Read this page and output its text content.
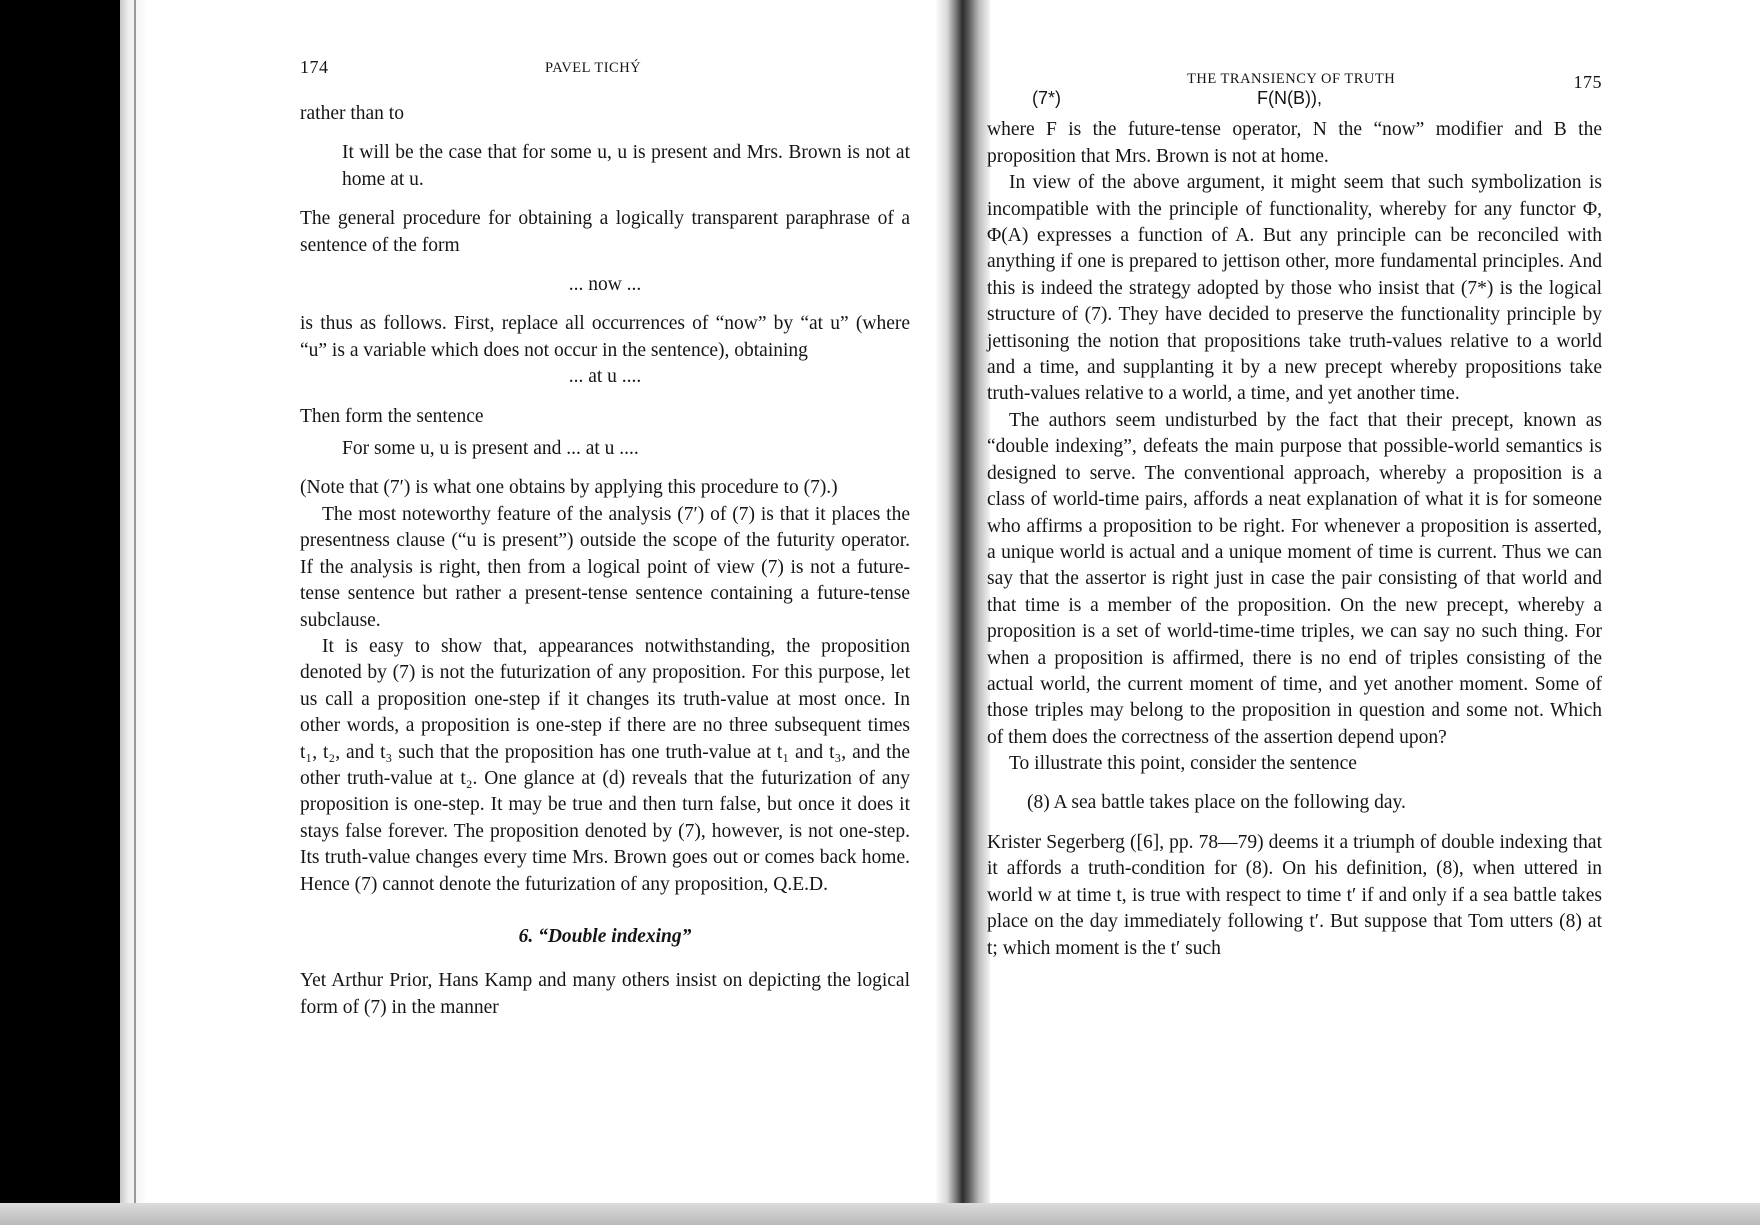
174	PAVEL TICHÝ

rather than to

It will be the case that for some u, u is present and Mrs. Brown is not at home at u.

The general procedure for obtaining a logically transparent paraphrase of a sentence of the form

... now ...

is thus as follows. First, replace all occurrences of “now” by “at u” (where “u” is a variable which does not occur in the sentence), obtaining

... at u ....

Then form the sentence

For some u, u is present and ... at u ....

(Note that (7′) is what one obtains by applying this procedure to (7).)

The most noteworthy feature of the analysis (7′) of (7) is that it places the presentness clause (“u is present”) outside the scope of the futurity operator. If the analysis is right, then from a logical point of view (7) is not a future-tense sentence but rather a present-tense sentence containing a future-tense subclause.

It is easy to show that, appearances notwithstanding, the proposition denoted by (7) is not the futurization of any proposition. For this purpose, let us call a proposition one-step if it changes its truth-value at most once. In other words, a proposition is one-step if there are no three subsequent times t₁, t₂, and t₃ such that the proposition has one truth-value at t₁ and t₃, and the other truth-value at t₂. One glance at (d) reveals that the futurization of any proposition is one-step. It may be true and then turn false, but once it does it stays false forever. The proposition denoted by (7), however, is not one-step. Its truth-value changes every time Mrs. Brown goes out or comes back home. Hence (7) cannot denote the futurization of any proposition, Q.E.D.

6. “Double indexing”

Yet Arthur Prior, Hans Kamp and many others insist on depicting the logical form of (7) in the manner

THE TRANSIENCY OF TRUTH	175
(7*)	F(N(B)),

where F is the future-tense operator, N the “now” modifier and B the proposition that Mrs. Brown is not at home.

In view of the above argument, it might seem that such symbolization is incompatible with the principle of functionality, whereby for any functor Φ, Φ(A) expresses a function of A. But any principle can be reconciled with anything if one is prepared to jettison other, more fundamental principles. And this is indeed the strategy adopted by those who insist that (7*) is the logical structure of (7). They have decided to preserve the functionality principle by jettisoning the notion that propositions take truth-values relative to a world and a time, and supplanting it by a new precept whereby propositions take truth-values relative to a world, a time, and yet another time.

The authors seem undisturbed by the fact that their precept, known as “double indexing”, defeats the main purpose that possible-world semantics is designed to serve. The conventional approach, whereby a proposition is a class of world-time pairs, affords a neat explanation of what it is for someone who affirms a proposition to be right. For whenever a proposition is asserted, a unique world is actual and a unique moment of time is current. Thus we can say that the assertor is right just in case the pair consisting of that world and that time is a member of the proposition. On the new precept, whereby a proposition is a set of world-time-time triples, we can say no such thing. For when a proposition is affirmed, there is no end of triples consisting of the actual world, the current moment of time, and yet another moment. Some of those triples may belong to the proposition in question and some not. Which of them does the correctness of the assertion depend upon?

To illustrate this point, consider the sentence

(8) A sea battle takes place on the following day.

Krister Segerberg ([6], pp. 78—79) deems it a triumph of double indexing that it affords a truth-condition for (8). On his definition, (8), when uttered in world w at time t, is true with respect to time t′ if and only if a sea battle takes place on the day immediately following t′. But suppose that Tom utters (8) at t; which moment is the t′ such
